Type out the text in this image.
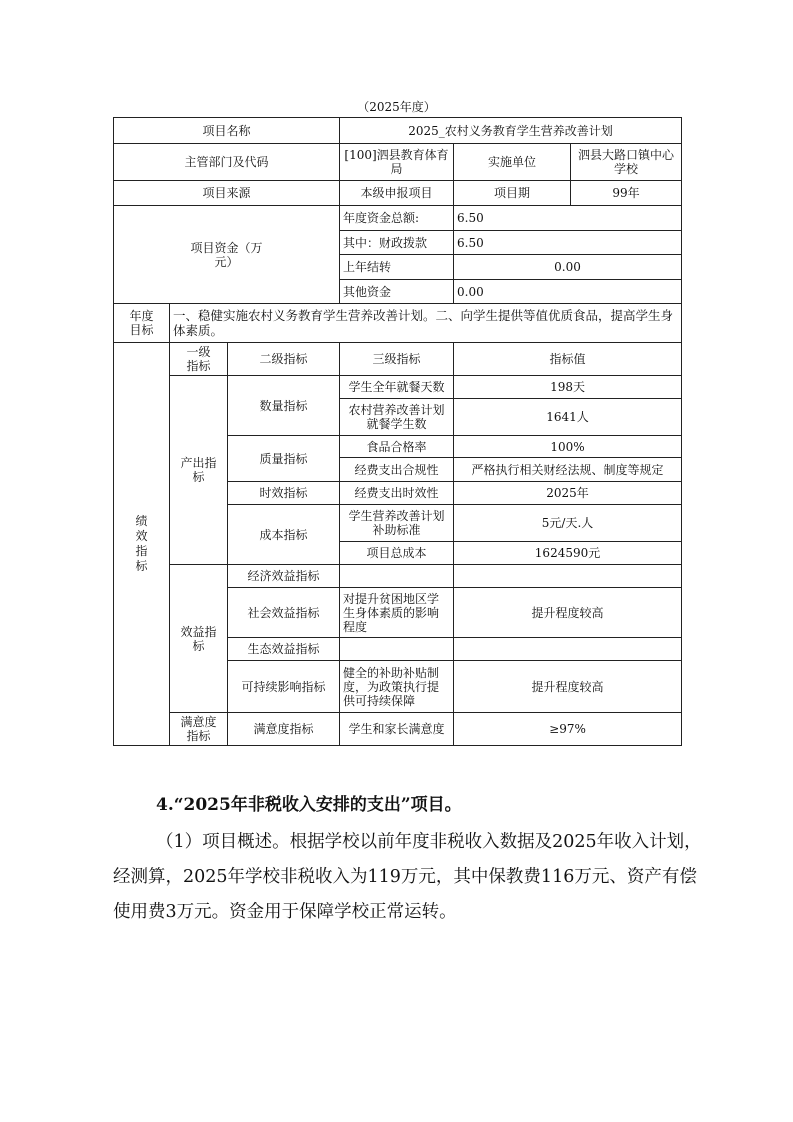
（2025年度）
项目名称			2025_农村义务教育学生营养改善计划		
主管部门及代码			[100]泗县教育体育局	实施单位	泗县大路口镇中心学校
项目来源			本级申报项目	项目期	99年
项目资金（万元）			年度资金总额:	6.50	
			其中：财政拨款	6.50	
			上年结转	0.00	
			其他资金	0.00	
年度目标	一、稳健实施农村义务教育学生营养改善计划。二、向学生提供等值优质食品，提高学生身体素质。				
绩效指标	一级指标	二级指标	三级指标	指标值	
	产出指标	数量指标	学生全年就餐天数	198天	
			农村营养改善计划就餐学生数	1641人	
		质量指标	食品合格率	100%	
			经费支出合规性	严格执行相关财经法规、制度等规定	
		时效指标	经费支出时效性	2025年	
		成本指标	学生营养改善计划补助标准	5元/天.人	
			项目总成本	1624590元	

	效益指标	经济效益指标			
		社会效益指标	对提升贫困地区学生身体素质的影响程度	提升程度较高	
		生态效益指标			
		可持续影响指标	健全的补助补贴制度，为政策执行提供可持续保障	提升程度较高	

	满意度指标	满意度指标	学生和家长满意度	≥97%	

4.“2025年非税收入安排的支出”项目。

（1）项目概述。根据学校以前年度非税收入数据及2025年收入计划，经测算，2025年学校非税收入为119万元，其中保教费116万元、资产有偿使用费3万元。资金用于保障学校正常运转。
